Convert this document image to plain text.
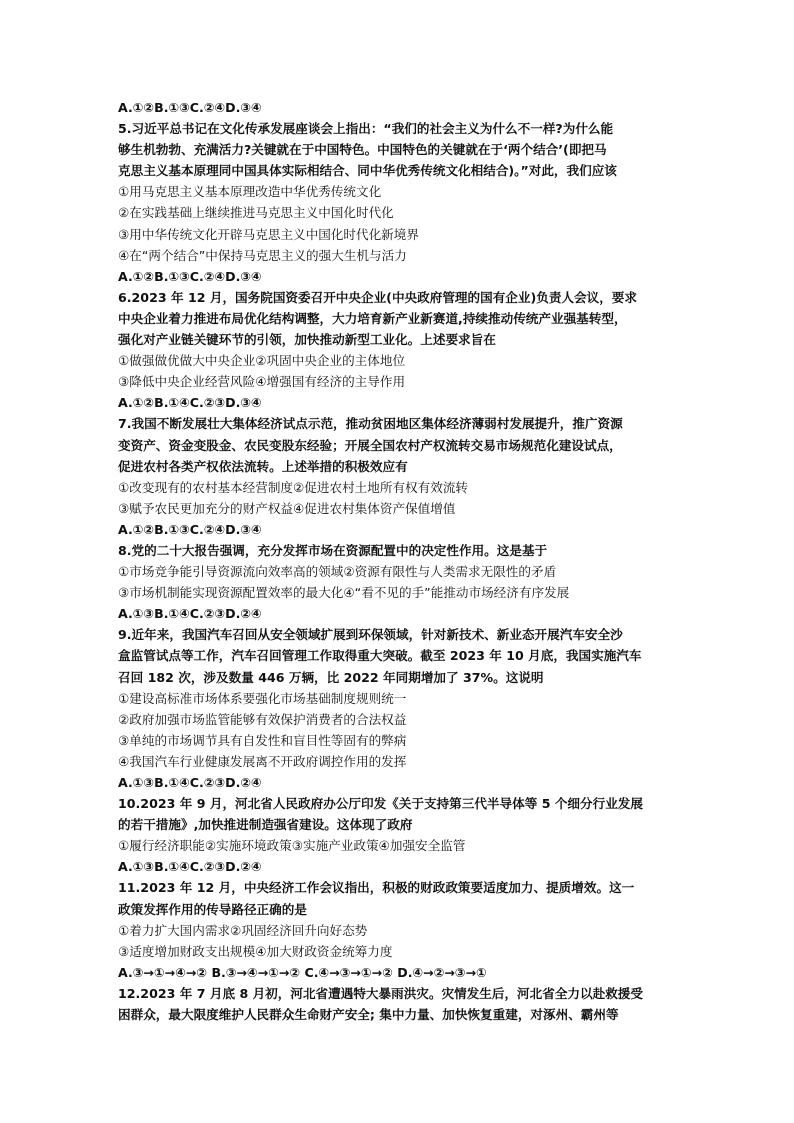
A.①②B.①③C.②④D.③④
5.习近平总书记在文化传承发展座谈会上指出：“我们的社会主义为什么不一样?为什么能
够生机勃勃、充满活力?关键就在于中国特色。中国特色的关键就在于‘两个结合’(即把马
克思主义基本原理同中国具体实际相结合、同中华优秀传统文化相结合)。”对此，我们应该
①用马克思主义基本原理改造中华优秀传统文化
②在实践基础上继续推进马克思主义中国化时代化
③用中华传统文化开辟马克思主义中国化时代化新境界
④在“两个结合”中保持马克思主义的强大生机与活力
A.①②B.①③C.②④D.③④
6.2023 年 12 月，国务院国资委召开中央企业(中央政府管理的国有企业)负责人会议，要求
中央企业着力推进布局优化结构调整，大力培育新产业新赛道,持续推动传统产业强基转型，
强化对产业链关键环节的引领，加快推动新型工业化。上述要求旨在
①做强做优做大中央企业②巩固中央企业的主体地位
③降低中央企业经营风险④增强国有经济的主导作用
A.①②B.①④C.②③D.③④
7.我国不断发展壮大集体经济试点示范，推动贫困地区集体经济薄弱村发展提升，推广资源
变资产、资金变股金、农民变股东经验；开展全国农村产权流转交易市场规范化建设试点，
促进农村各类产权依法流转。上述举措的积极效应有
①改变现有的农村基本经营制度②促进农村土地所有权有效流转
③赋予农民更加充分的财产权益④促进农村集体资产保值增值
A.①②B.①③C.②④D.③④
8.党的二十大报告强调，充分发挥市场在资源配置中的决定性作用。这是基于
①市场竞争能引导资源流向效率高的领域②资源有限性与人类需求无限性的矛盾
③市场机制能实现资源配置效率的最大化④“看不见的手”能推动市场经济有序发展
A.①③B.①④C.②③D.②④
9.近年来，我国汽车召回从安全领域扩展到环保领域，针对新技术、新业态开展汽车安全沙
盒监管试点等工作，汽车召回管理工作取得重大突破。截至 2023 年 10 月底，我国实施汽车
召回 182 次，涉及数量 446 万辆，比 2022 年同期增加了 37%。这说明
①建设高标准市场体系要强化市场基础制度规则统一
②政府加强市场监管能够有效保护消费者的合法权益
③单纯的市场调节具有自发性和盲目性等固有的弊病
④我国汽车行业健康发展离不开政府调控作用的发挥
A.①③B.①④C.②③D.②④
10.2023 年 9 月，河北省人民政府办公厅印发《关于支持第三代半导体等 5 个细分行业发展
的若干措施》,加快推进制造强省建设。这体现了政府
①履行经济职能②实施环境政策③实施产业政策④加强安全监管
A.①③B.①④C.②③D.②④
11.2023 年 12 月，中央经济工作会议指出，积极的财政政策要适度加力、提质增效。这一
政策发挥作用的传导路径正确的是
①着力扩大国内需求②巩固经济回升向好态势
③适度增加财政支出规模④加大财政资金统筹力度
A.③→①→④→② B.③→④→①→② C.④→③→①→② D.④→②→③→①
12.2023 年 7 月底 8 月初，河北省遭遇特大暴雨洪灾。灾情发生后，河北省全力以赴救援受
困群众，最大限度维护人民群众生命财产安全; 集中力量、加快恢复重建，对涿州、霸州等
